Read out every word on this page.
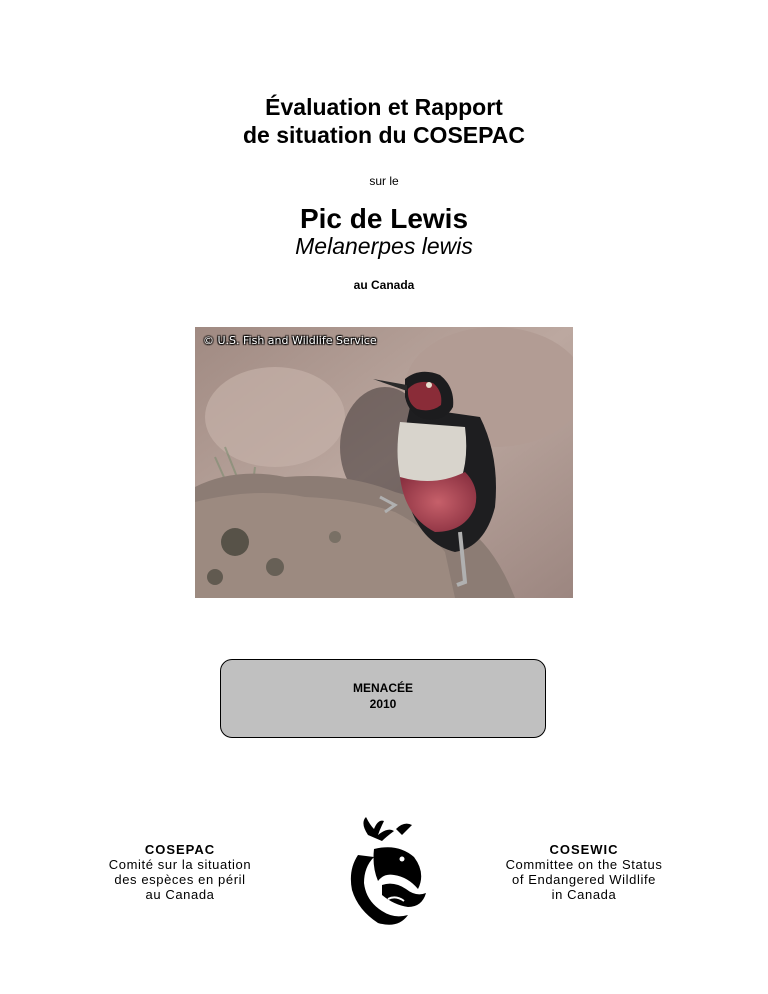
Évaluation et Rapport
de situation du COSEPAC
sur le
Pic de Lewis
Melanerpes lewis
au Canada
© U.S. Fish and Wildlife Service
MENACÉE
2010
COSEPAC
Comité sur la situation
des espèces en péril
au Canada
COSEWIC
Committee on the Status
of Endangered Wildlife
in Canada
